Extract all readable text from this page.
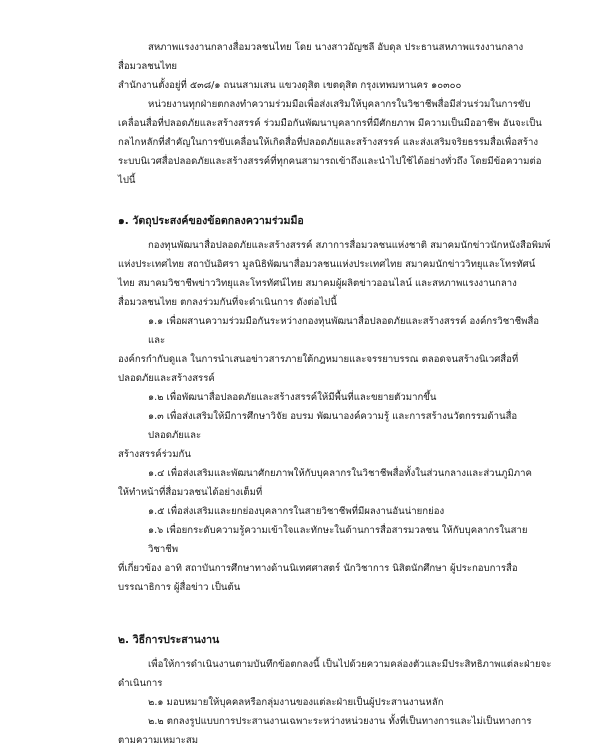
สหภาพแรงงานกลางสื่อมวลชนไทย โดย นางสาวอัญชลี อับดุล ประธานสหภาพแรงงานกลางสื่อมวลชนไทย

สำนักงานตั้งอยู่ที่ ๕๓๘/๑ ถนนสามเสน แขวงดุสิต เขตดุสิต กรุงเทพมหานคร ๑๐๓๐๐

หน่วยงานทุกฝ่ายตกลงทำความร่วมมือเพื่อส่งเสริมให้บุคลากรในวิชาชีพสื่อมีส่วนร่วมในการขับเคลื่อนสื่อที่ปลอดภัยและสร้างสรรค์ ร่วมมือกันพัฒนาบุคลากรที่มีศักยภาพ มีความเป็นมืออาชีพ อันจะเป็นกลไกหลักที่สำคัญในการขับเคลื่อนให้เกิดสื่อที่ปลอดภัยและสร้างสรรค์ และส่งเสริมจริยธรรมสื่อเพื่อสร้างระบบนิเวศสื่อปลอดภัยและสร้างสรรค์ที่ทุกคนสามารถเข้าถึงและนำไปใช้ได้อย่างทั่วถึง โดยมีข้อความต่อไปนี้

๑. วัตถุประสงค์ของข้อตกลงความร่วมมือ

กองทุนพัฒนาสื่อปลอดภัยและสร้างสรรค์ สภาการสื่อมวลชนแห่งชาติ สมาคมนักข่าวนักหนังสือพิมพ์แห่งประเทศไทย สถาบันอิศรา มูลนิธิพัฒนาสื่อมวลชนแห่งประเทศไทย สมาคมนักข่าววิทยุและโทรทัศน์ไทย สมาคมวิชาชีพข่าววิทยุและโทรทัศน์ไทย สมาคมผู้ผลิตข่าวออนไลน์ และสหภาพแรงงานกลางสื่อมวลชนไทย ตกลงร่วมกันที่จะดำเนินการ ดังต่อไปนี้

๑.๑ เพื่อผสานความร่วมมือกันระหว่างกองทุนพัฒนาสื่อปลอดภัยและสร้างสรรค์ องค์กรวิชาชีพสื่อ และ
องค์กรกำกับดูแล ในการนำเสนอข่าวสารภายใต้กฎหมายและจรรยาบรรณ ตลอดจนสร้างนิเวศสื่อที่ปลอดภัยและสร้างสรรค์

๑.๒ เพื่อพัฒนาสื่อปลอดภัยและสร้างสรรค์ให้มีพื้นที่และขยายตัวมากขึ้น

๑.๓ เพื่อส่งเสริมให้มีการศึกษาวิจัย อบรม พัฒนาองค์ความรู้ และการสร้างนวัตกรรมด้านสื่อปลอดภัยและ
สร้างสรรค์ร่วมกัน

๑.๔ เพื่อส่งเสริมและพัฒนาศักยภาพให้กับบุคลากรในวิชาชีพสื่อทั้งในส่วนกลางและส่วนภูมิภาค
ให้ทำหน้าที่สื่อมวลชนได้อย่างเต็มที่

๑.๕ เพื่อส่งเสริมและยกย่องบุคลากรในสายวิชาชีพที่มีผลงานอันน่ายกย่อง

๑.๖ เพื่อยกระดับความรู้ความเข้าใจและทักษะในด้านการสื่อสารมวลชน ให้กับบุคลากรในสายวิชาชีพ
ที่เกี่ยวข้อง อาทิ สถาบันการศึกษาทางด้านนิเทศศาสตร์ นักวิชาการ นิสิตนักศึกษา ผู้ประกอบการสื่อ บรรณาธิการ ผู้สื่อข่าว เป็นต้น

๒. วิธีการประสานงาน

เพื่อให้การดำเนินงานตามบันทึกข้อตกลงนี้ เป็นไปด้วยความคล่องตัวและมีประสิทธิภาพแต่ละฝ่ายจะดำเนินการ

๒.๑ มอบหมายให้บุคคลหรือกลุ่มงานของแต่ละฝ่ายเป็นผู้ประสานงานหลัก

๒.๒ ตกลงรูปแบบการประสานงานเฉพาะระหว่างหน่วยงาน ทั้งที่เป็นทางการและไม่เป็นทางการ
ตามความเหมาะสม
